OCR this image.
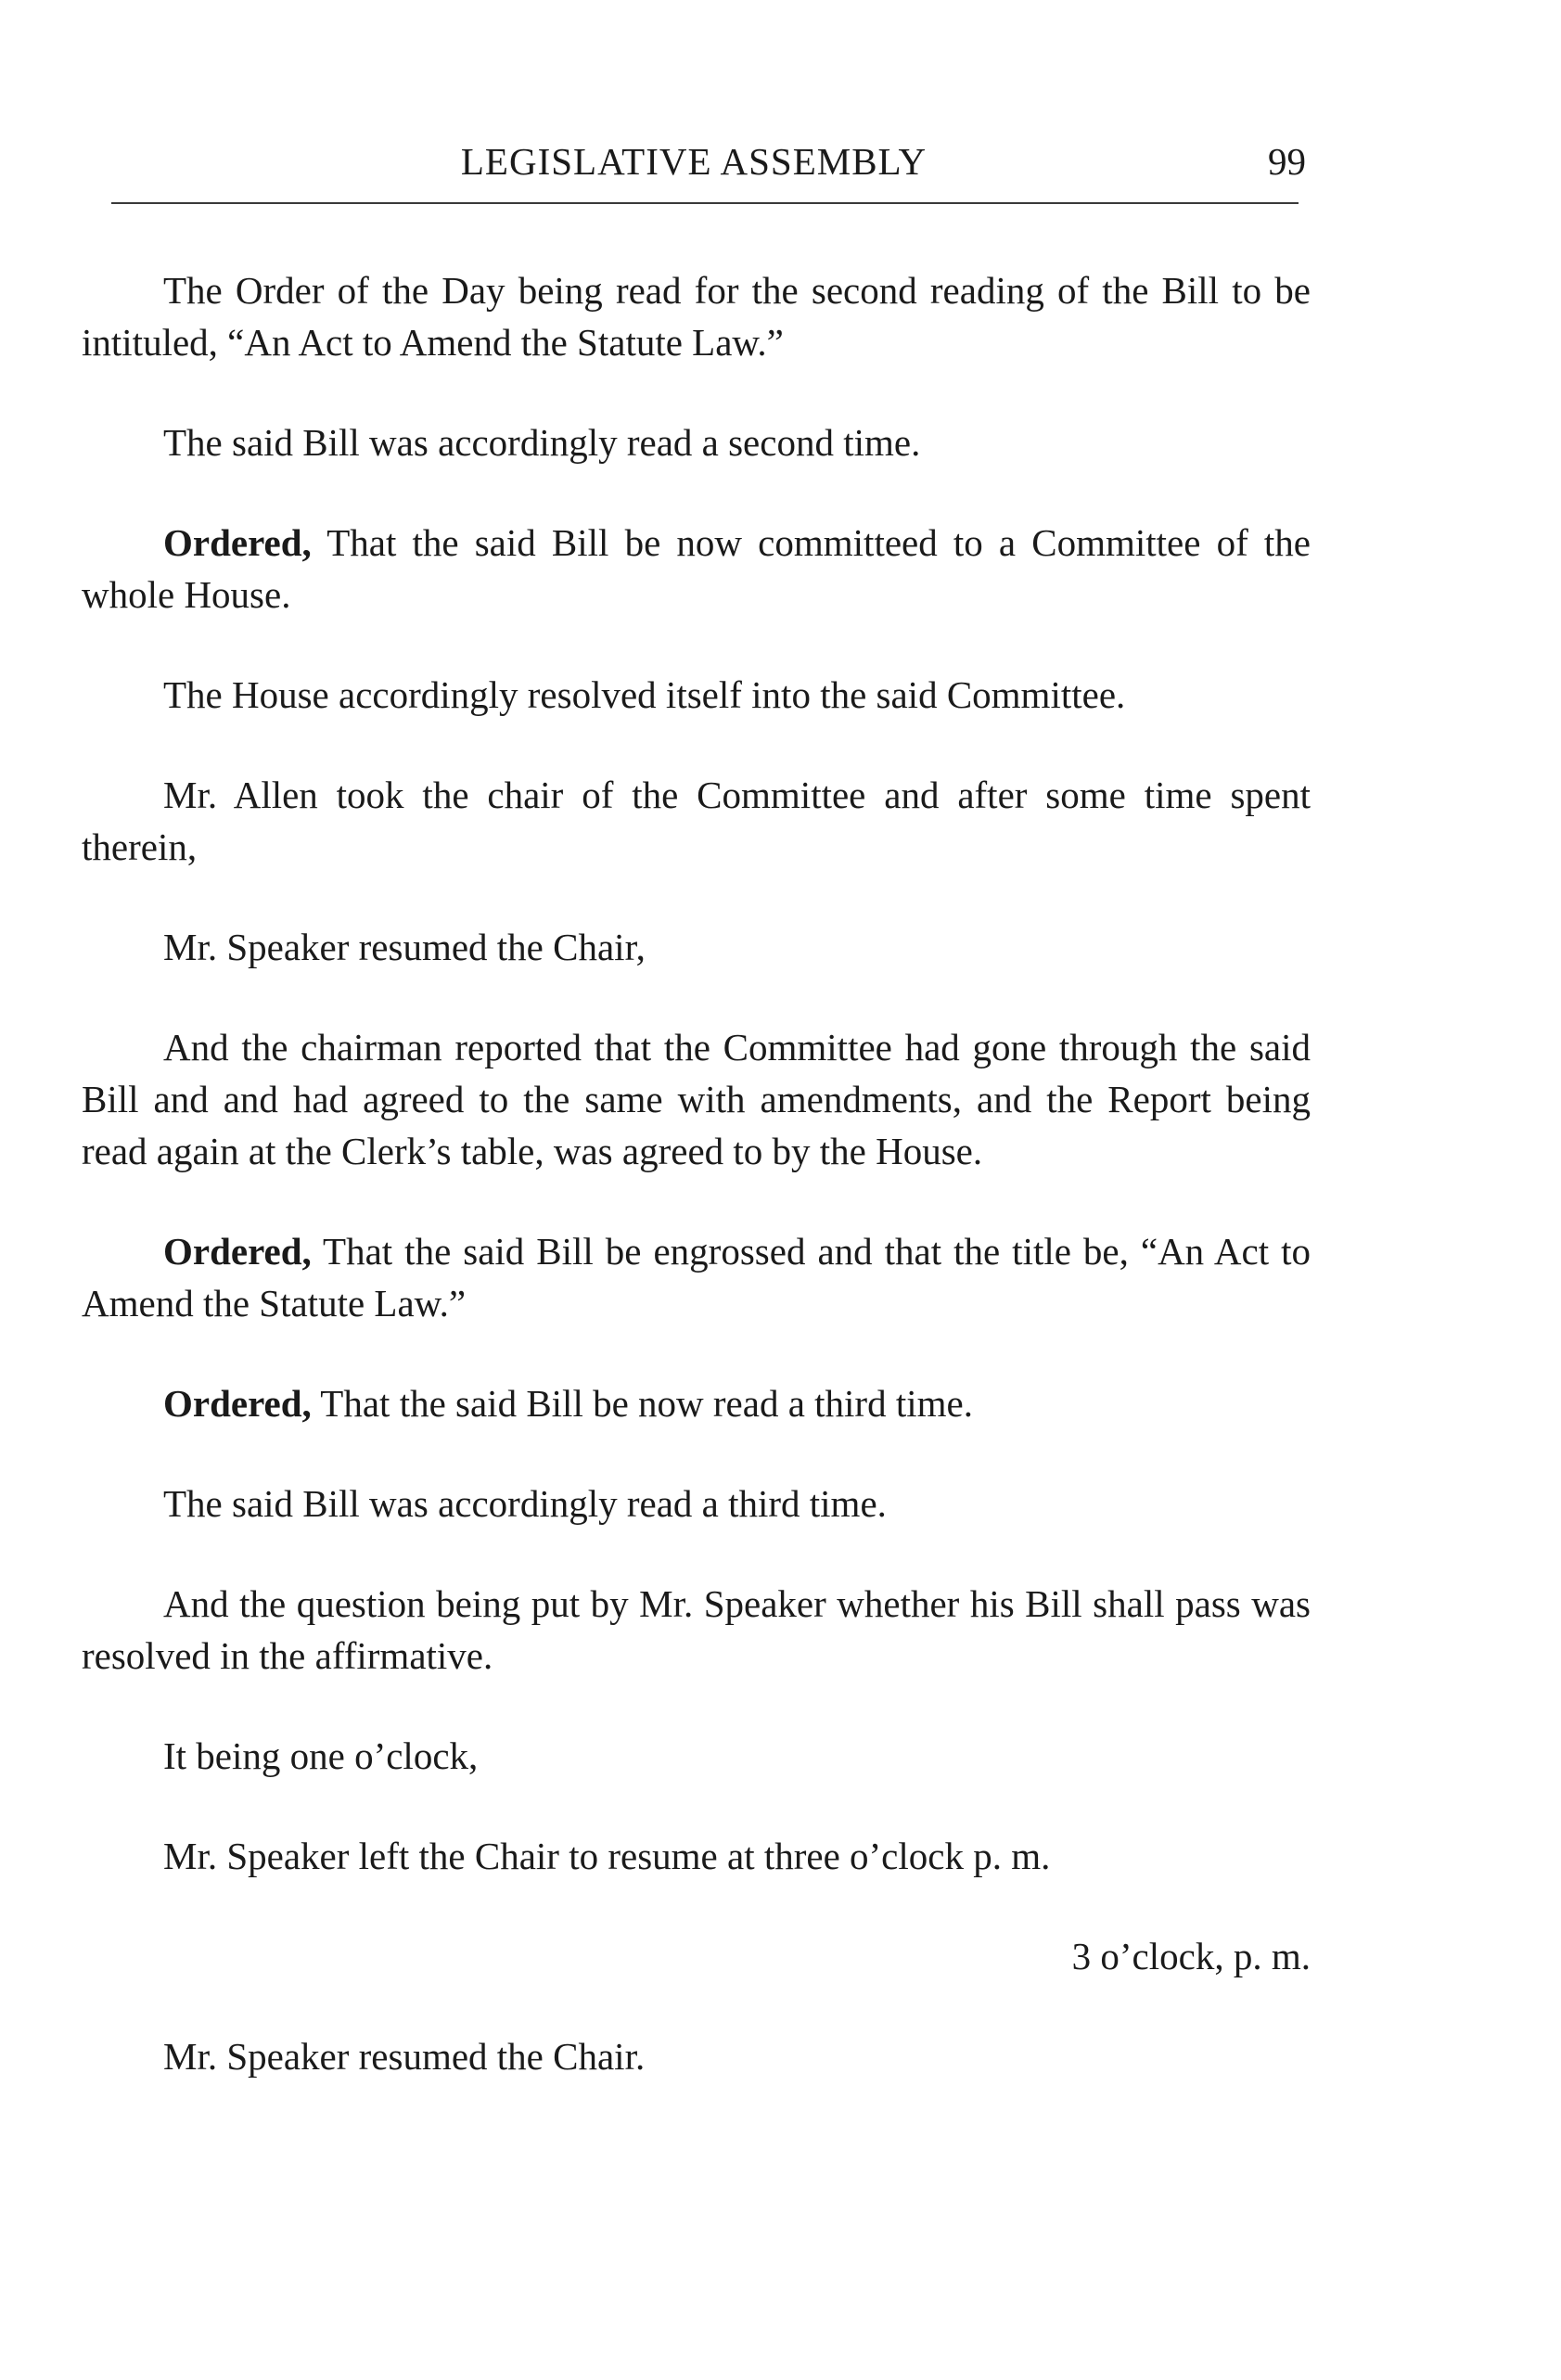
LEGISLATIVE ASSEMBLY	99

The Order of the Day being read for the second reading of the Bill to be intituled, “An Act to Amend the Statute Law.”

The said Bill was accordingly read a second time.

Ordered, That the said Bill be now committeed to a Committee of the whole House.

The House accordingly resolved itself into the said Committee.

Mr. Allen took the chair of the Committee and after some time spent therein,

Mr. Speaker resumed the Chair,

And the chairman reported that the Committee had gone through the said Bill and and had agreed to the same with amendments, and the Report being read again at the Clerk’s table, was agreed to by the House.

Ordered, That the said Bill be engrossed and that the title be, “An Act to Amend the Statute Law.”

Ordered, That the said Bill be now read a third time.

The said Bill was accordingly read a third time.

And the question being put by Mr. Speaker whether his Bill shall pass was resolved in the affirmative.

It being one o’clock,

Mr. Speaker left the Chair to resume at three o’clock p. m.

3 o’clock, p. m.

Mr. Speaker resumed the Chair.
